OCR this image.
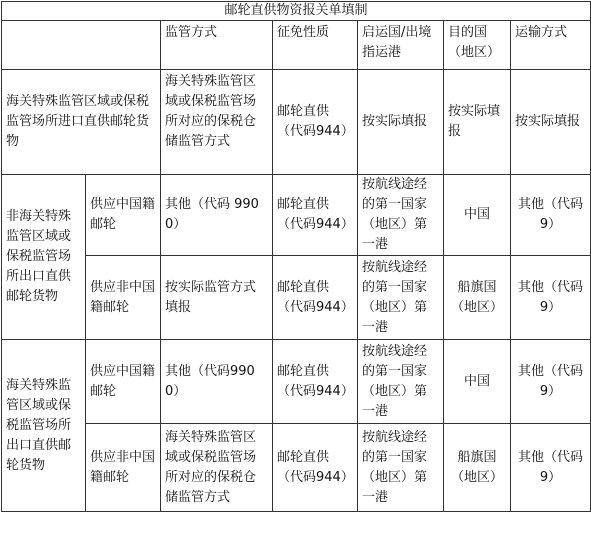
邮轮直供物资报关单填制						
		监管方式	征免性质	启运国/出境指运港	目的国（地区）	运输方式
海关特殊监管区域或保税监管场所进口直供邮轮货物		海关特殊监管区域或保税监管场所对应的保税仓储监管方式	邮轮直供（代码944）	按实际填报	按实际填报	按实际填报
非海关特殊监管区域或保税监管场所出口直供邮轮货物	供应中国籍邮轮	其他（代码 9900）	邮轮直供（代码944）	按航线途经的第一国家（地区）第一港	中国	其他（代码9）
	供应非中国籍邮轮	按实际监管方式填报	邮轮直供（代码944）	按航线途经的第一国家（地区）第一港	船旗国（地区）	其他（代码9）
海关特殊监管区域或保税监管场所出口直供邮轮货物	供应中国籍邮轮	其他（代码9900）	邮轮直供（代码944）	按航线途经的第一国家（地区）第一港	中国	其他（代码9）
	供应非中国籍邮轮	海关特殊监管区域或保税监管场所对应的保税仓储监管方式	邮轮直供（代码944）	按航线途经的第一国家（地区）第一港	船旗国（地区）	其他（代码9）
